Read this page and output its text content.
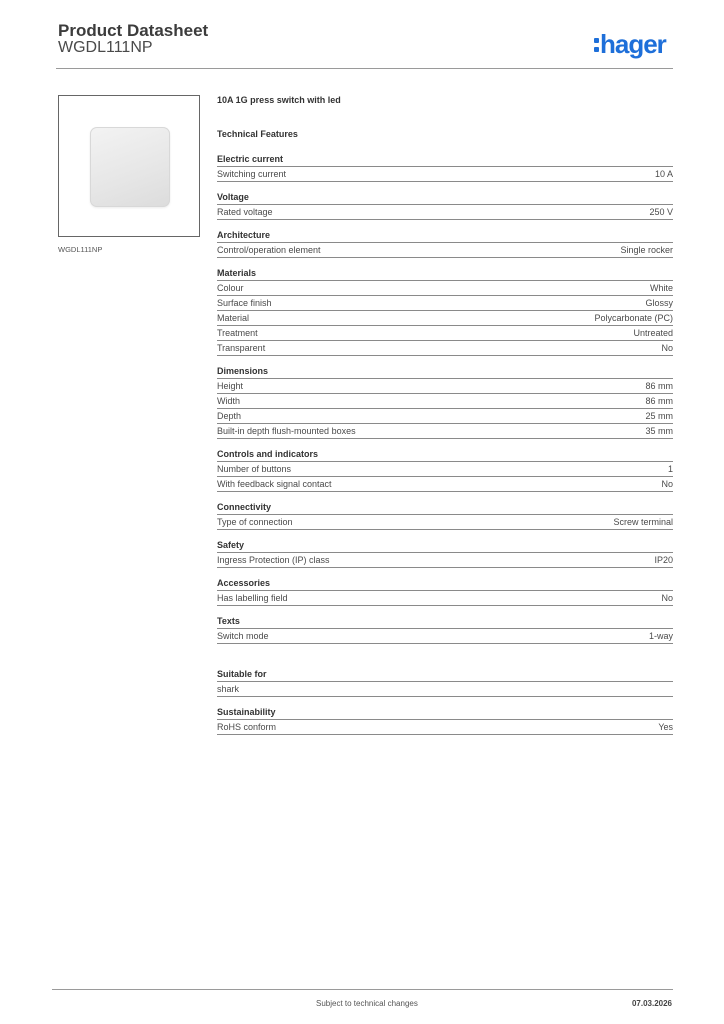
Product Datasheet
WGDL111NP	hager
WGDL111NP
10A 1G press switch with led
Technical Features
Electric current
Switching current	10 A
Voltage
Rated voltage	250 V
Architecture
Control/operation element	Single rocker
Materials
Colour	White
Surface finish	Glossy
Material	Polycarbonate (PC)
Treatment	Untreated
Transparent	No
Dimensions
Height	86 mm
Width	86 mm
Depth	25 mm
Built-in depth flush-mounted boxes	35 mm
Controls and indicators
Number of buttons	1
With feedback signal contact	No
Connectivity
Type of connection	Screw terminal
Safety
Ingress Protection (IP) class	IP20
Accessories
Has labelling field	No
Texts
Switch mode	1-way
Suitable for
shark
Sustainability
RoHS conform	Yes
Subject to technical changes	07.03.2026
